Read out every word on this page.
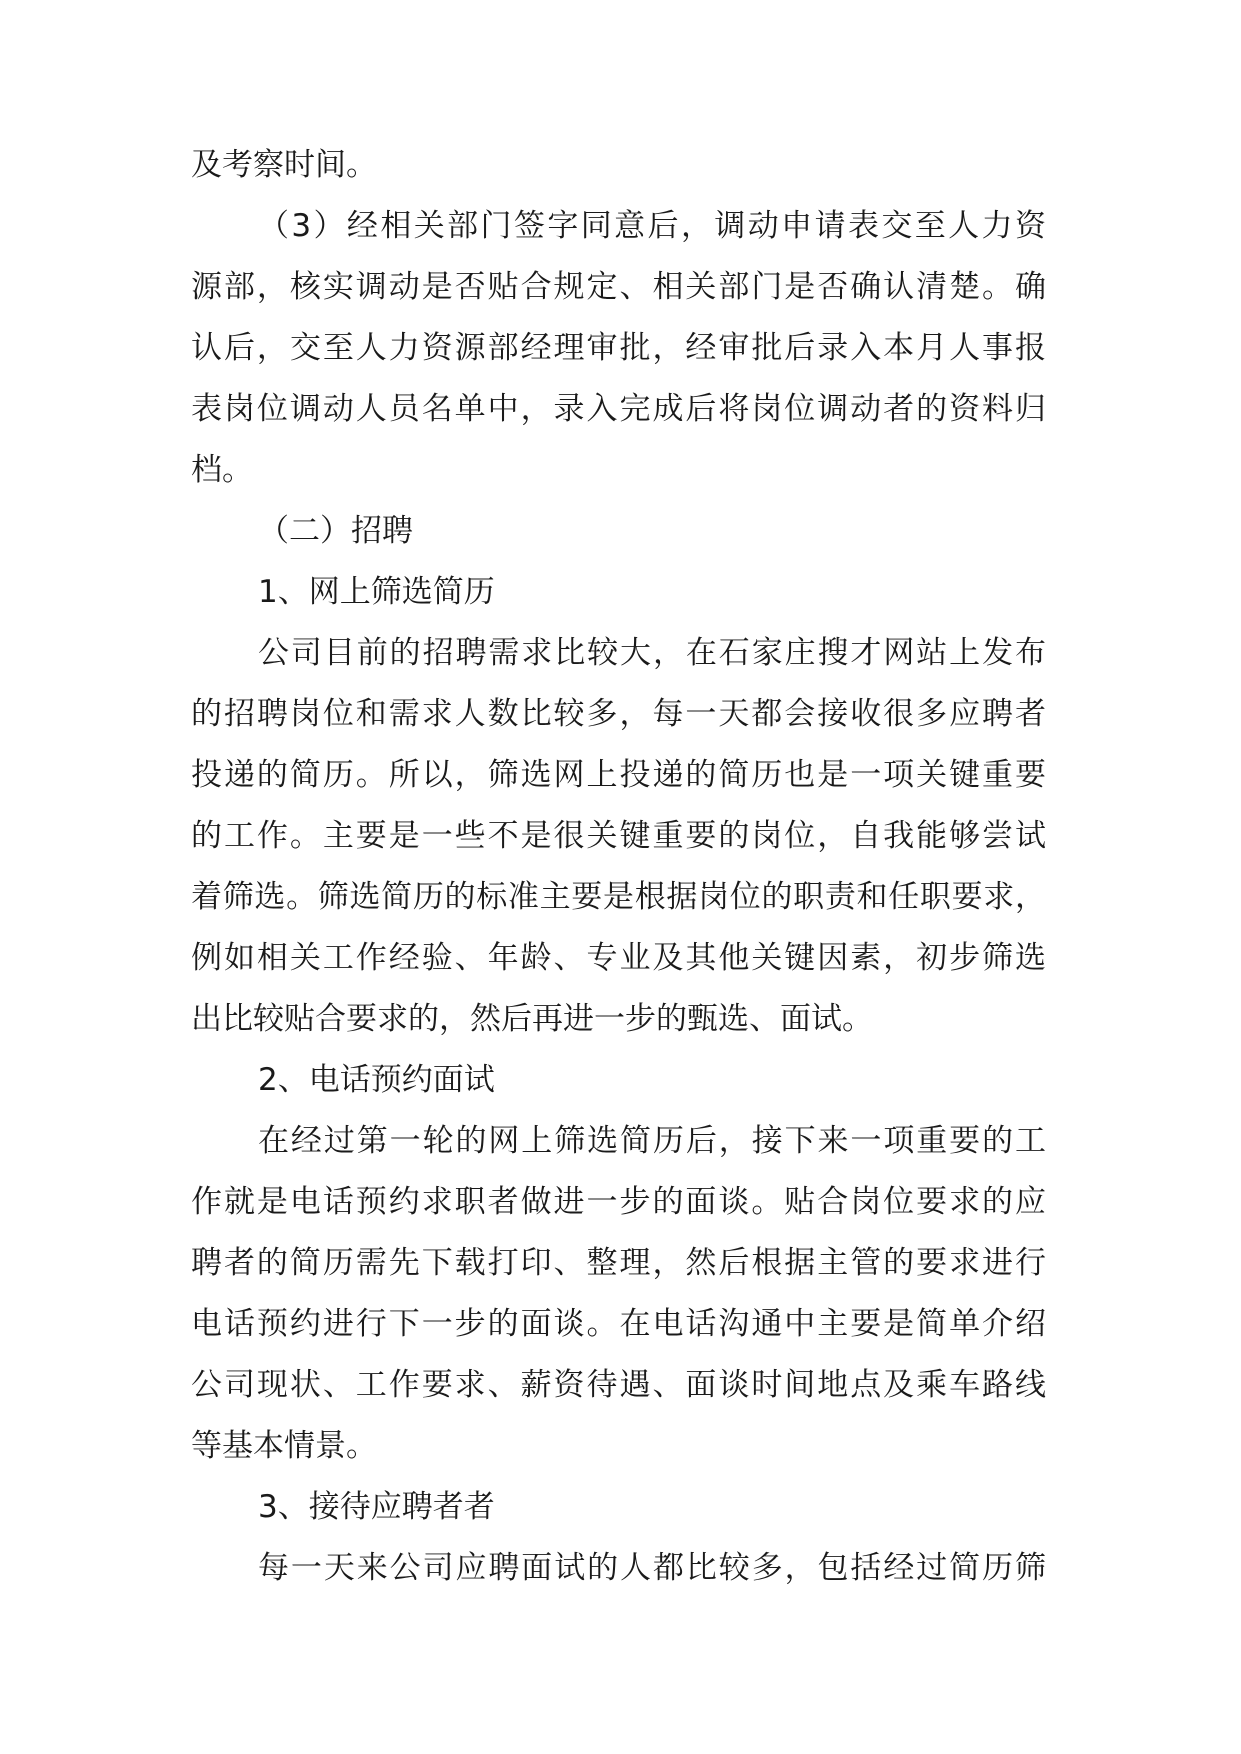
及考察时间。
（3）经相关部门签字同意后，调动申请表交至人力资
源部，核实调动是否贴合规定、相关部门是否确认清楚。确
认后，交至人力资源部经理审批，经审批后录入本月人事报
表岗位调动人员名单中，录入完成后将岗位调动者的资料归
档。
（二）招聘
1、网上筛选简历
公司目前的招聘需求比较大，在石家庄搜才网站上发布
的招聘岗位和需求人数比较多，每一天都会接收很多应聘者
投递的简历。所以，筛选网上投递的简历也是一项关键重要
的工作。主要是一些不是很关键重要的岗位，自我能够尝试
着筛选。筛选简历的标准主要是根据岗位的职责和任职要求，
例如相关工作经验、年龄、专业及其他关键因素，初步筛选
出比较贴合要求的，然后再进一步的甄选、面试。
2、电话预约面试
在经过第一轮的网上筛选简历后，接下来一项重要的工
作就是电话预约求职者做进一步的面谈。贴合岗位要求的应
聘者的简历需先下载打印、整理，然后根据主管的要求进行
电话预约进行下一步的面谈。在电话沟通中主要是简单介绍
公司现状、工作要求、薪资待遇、面谈时间地点及乘车路线
等基本情景。
3、接待应聘者者
每一天来公司应聘面试的人都比较多，包括经过简历筛
